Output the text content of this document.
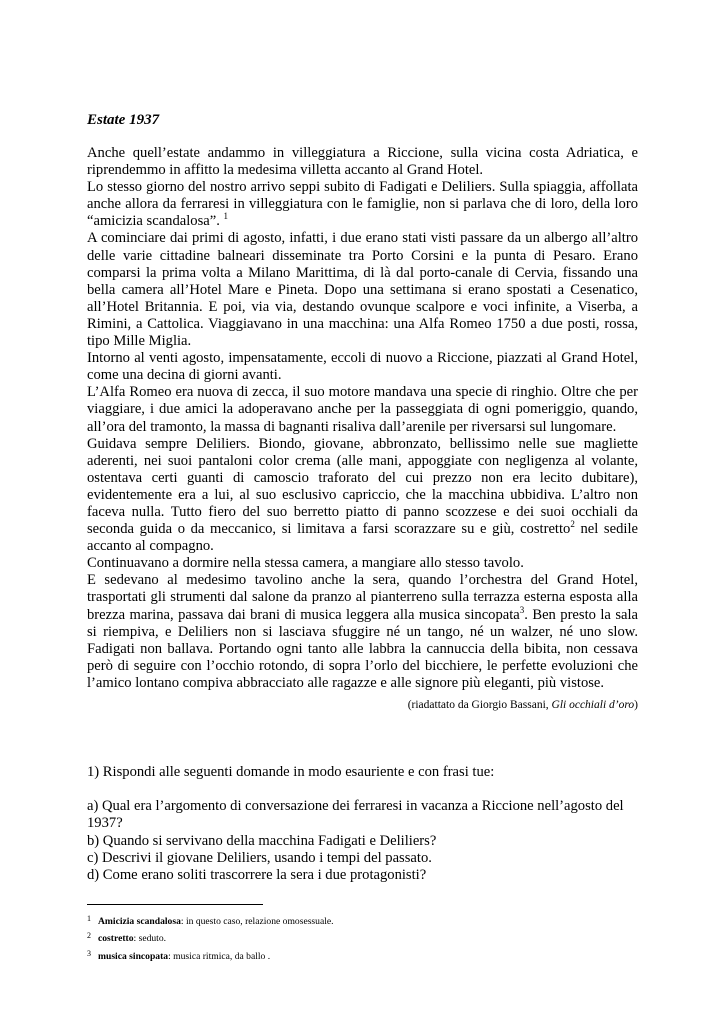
Estate 1937

Anche quell’estate andammo in villeggiatura a Riccione, sulla vicina costa Adriatica, e riprendemmo in affitto la medesima villetta accanto al Grand Hotel.

Lo stesso giorno del nostro arrivo seppi subito di Fadigati e Deliliers. Sulla spiaggia, affollata anche allora da ferraresi in villeggiatura con le famiglie, non si parlava che di loro, della loro “amicizia scandalosa”. $^1$

A cominciare dai primi di agosto, infatti, i due erano stati visti passare da un albergo all’altro delle varie cittadine balneari disseminate tra Porto Corsini e la punta di Pesaro. Erano comparsi la prima volta a Milano Marittima, di là dal porto-canale di Cervia, fissando una bella camera all’Hotel Mare e Pineta. Dopo una settimana si erano spostati a Cesenatico, all’Hotel Britannia. E poi, via via, destando ovunque scalpore e voci infinite, a Viserba, a Rimini, a Cattolica. Viaggiavano in una macchina: una Alfa Romeo 1750 a due posti, rossa, tipo Mille Miglia.

Intorno al venti agosto, impensatamente, eccoli di nuovo a Riccione, piazzati al Grand Hotel, come una decina di giorni avanti.

L’Alfa Romeo era nuova di zecca, il suo motore mandava una specie di ringhio. Oltre che per viaggiare, i due amici la adoperavano anche per la passeggiata di ogni pomeriggio, quando, all’ora del tramonto, la massa di bagnanti risaliva dall’arenile per riversarsi sul lungomare.

Guidava sempre Deliliers. Biondo, giovane, abbronzato, bellissimo nelle sue magliette aderenti, nei suoi pantaloni color crema (alle mani, appoggiate con negligenza al volante, ostentava certi guanti di camoscio traforato del cui prezzo non era lecito dubitare), evidentemente era a lui, al suo esclusivo capriccio, che la macchina ubbidiva. L’altro non faceva nulla. Tutto fiero del suo berretto piatto di panno scozzese e dei suoi occhiali da seconda guida o da meccanico, si limitava a farsi scorazzare su e giù, costretto$^2$ nel sedile accanto al compagno.

Continuavano a dormire nella stessa camera, a mangiare allo stesso tavolo.

E sedevano al medesimo tavolino anche la sera, quando l’orchestra del Grand Hotel, trasportati gli strumenti dal salone da pranzo al pianterreno sulla terrazza esterna esposta alla brezza marina, passava dai brani di musica leggera alla musica sincopata$^3$. Ben presto la sala si riempiva, e Deliliers non si lasciava sfuggire né un tango, né un walzer, né uno slow. Fadigati non ballava. Portando ogni tanto alle labbra la cannuccia della bibita, non cessava però di seguire con l’occhio rotondo, di sopra l’orlo del bicchiere, le perfette evoluzioni che l’amico lontano compiva abbracciato alle ragazze e alle signore più eleganti, più vistose.

(riadattato da Giorgio Bassani, Gli occhiali d’oro)

1) Rispondi alle seguenti domande in modo esauriente e con frasi tue:

a) Qual era l’argomento di conversazione dei ferraresi in vacanza a Riccione nell’agosto del 1937?

b) Quando si servivano della macchina Fadigati e Deliliers?

c) Descrivi il giovane Deliliers, usando i tempi del passato.

d) Come erano soliti trascorrere la sera i due protagonisti?

1 Amicizia scandalosa: in questo caso, relazione omosessuale.
2 costretto: seduto.
3 musica sincopata: musica ritmica, da ballo .
